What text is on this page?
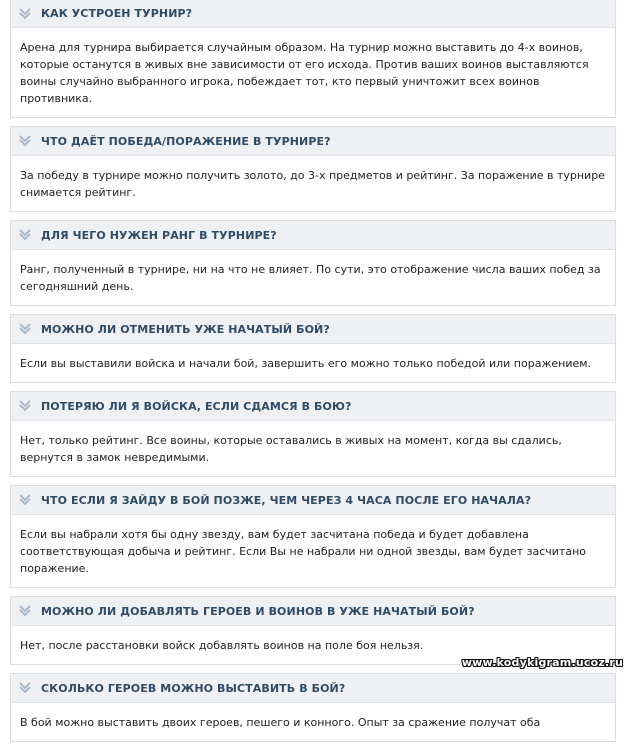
КАК УСТРОЕН ТУРНИР?
Арена для турнира выбирается случайным образом. На турнир можно выставить до 4-х воинов, которые останутся в живых вне зависимости от его исхода. Против ваших воинов выставляются воины случайно выбранного игрока, побеждает тот, кто первый уничтожит всех воинов противника.
ЧТО ДАЁТ ПОБЕДА/ПОРАЖЕНИЕ В ТУРНИРЕ?
За победу в турнире можно получить золото, до 3-х предметов и рейтинг. За поражение в турнире снимается рейтинг.
ДЛЯ ЧЕГО НУЖЕН РАНГ В ТУРНИРЕ?
Ранг, полученный в турнире, ни на что не влияет. По сути, это отображение числа ваших побед за сегодняшний день.
МОЖНО ЛИ ОТМЕНИТЬ УЖЕ НАЧАТЫЙ БОЙ?
Если вы выставили войска и начали бой, завершить его можно только победой или поражением.
ПОТЕРЯЮ ЛИ Я ВОЙСКА, ЕСЛИ СДАМСЯ В БОЮ?
Нет, только рейтинг. Все воины, которые оставались в живых на момент, когда вы сдались, вернутся в замок невредимыми.
ЧТО ЕСЛИ Я ЗАЙДУ В БОЙ ПОЗЖЕ, ЧЕМ ЧЕРЕЗ 4 ЧАСА ПОСЛЕ ЕГО НАЧАЛА?
Если вы набрали хотя бы одну звезду, вам будет засчитана победа и будет добавлена соответствующая добыча и рейтинг. Если Вы не набрали ни одной звезды, вам будет засчитано поражение.
МОЖНО ЛИ ДОБАВЛЯТЬ ГЕРОЕВ И ВОИНОВ В УЖЕ НАЧАТЫЙ БОЙ?
Нет, после расстановки войск добавлять воинов на поле боя нельзя.
СКОЛЬКО ГЕРОЕВ МОЖНО ВЫСТАВИТЬ В БОЙ?
В бой можно выставить двоих героев, пешего и конного. Опыт за сражение получат оба
www.kodykigram.ucoz.ru
